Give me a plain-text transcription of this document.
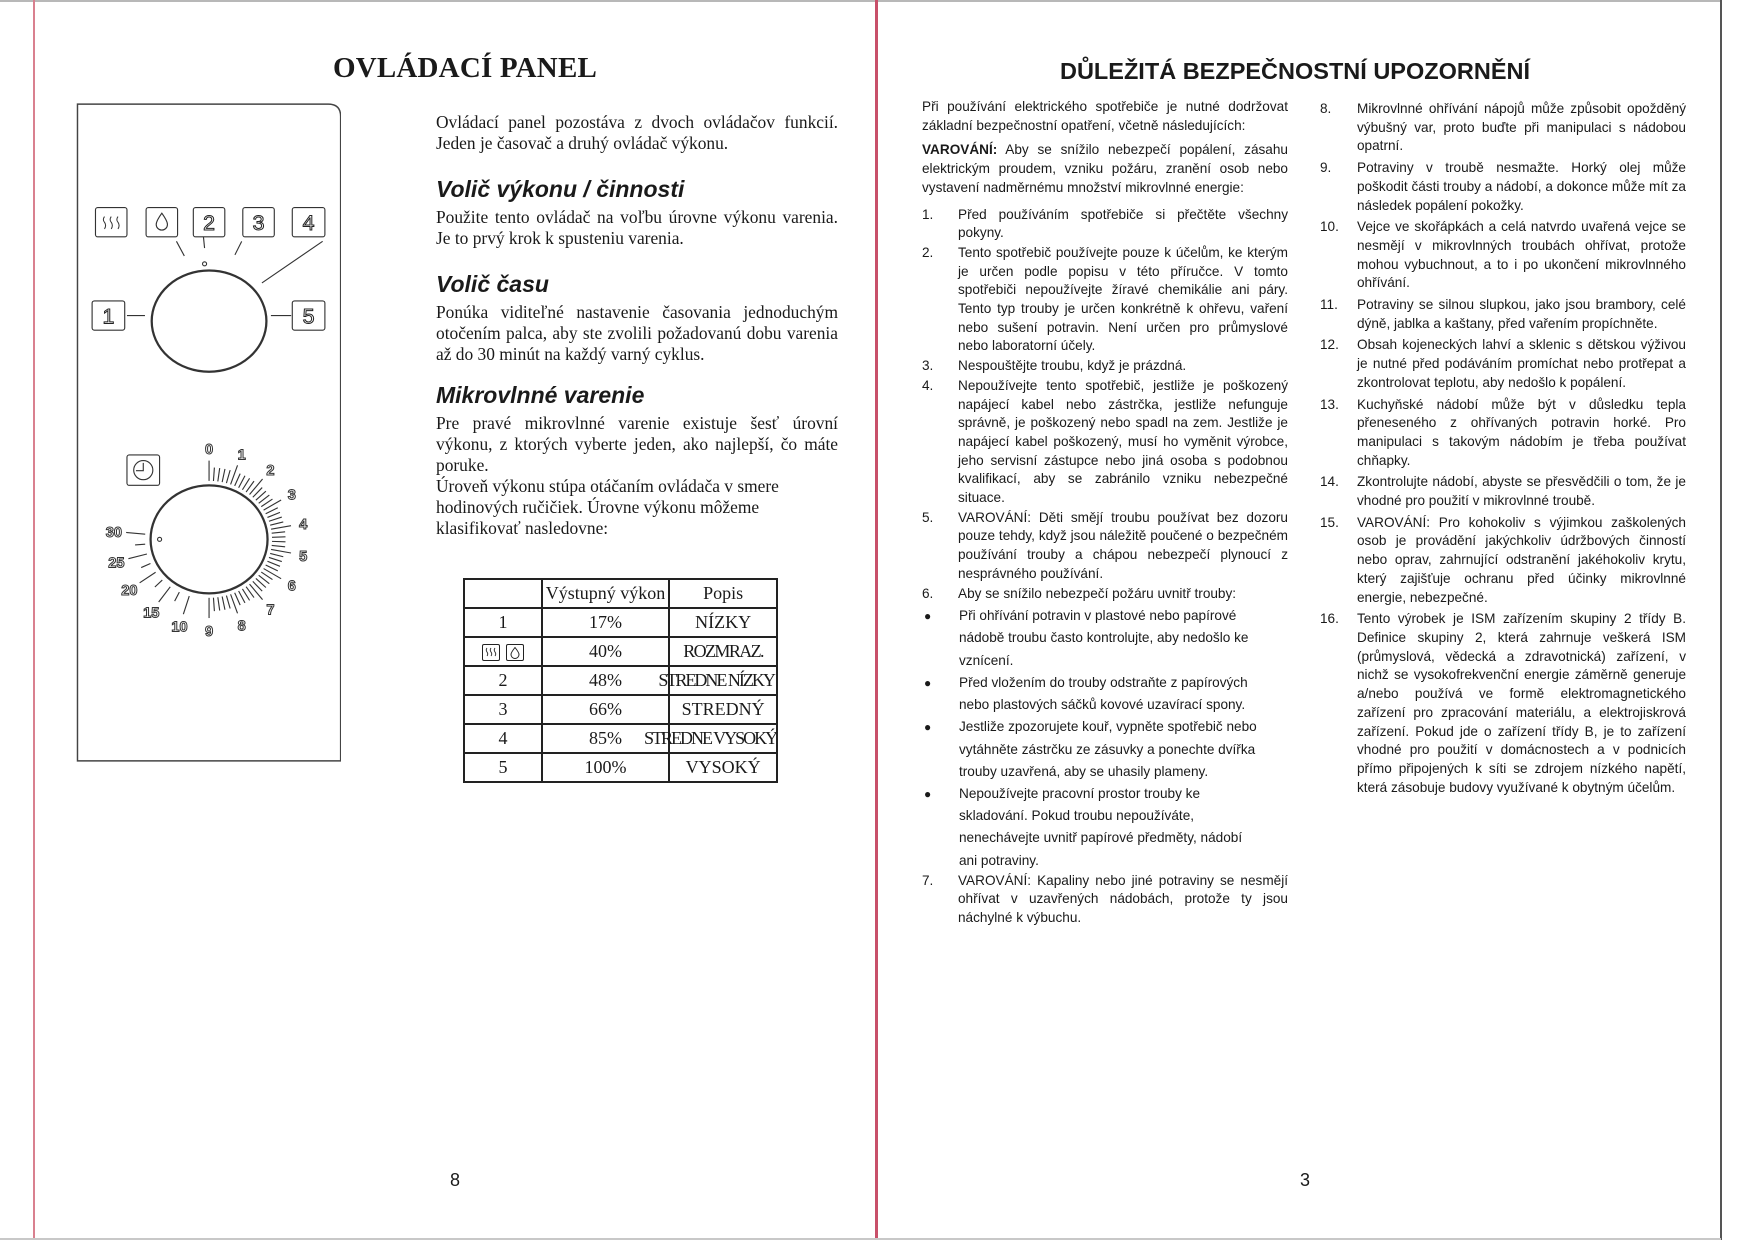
OVLÁDACÍ PANEL
1
2 3 4
5
0 1
2
3
4
5
6
7
8
9
10
15
20
25
30

Ovládací panel pozostáva z dvoch ovládačov funkcií. Jeden je časovač a druhý ovládač výkonu.

Volič výkonu / činnosti

Použite tento ovládač na voľbu úrovne výkonu varenia. Je to prvý krok k spusteniu varenia.

Volič času

Ponúka viditeľné nastavenie časovania jednoduchým otočením palca, aby ste zvolili požadovanú dobu varenia až do 30 minút na každý varný cyklus.

Mikrovlnné varenie

Pre pravé mikrovlnné varenie existuje šesť úrovní výkonu, z ktorých vyberte jeden, ako najlepší, čo máte poruke.

Úroveň výkonu stúpa otáčaním ovládača v smere hodinových ručičiek. Úrovne výkonu môžeme klasifikovať nasledovne:

	Výstupný výkon	Popis
1	17%	NÍZKY
	40%	ROZMRAZ.
2	48%	STREDNE NÍZKY
3	66%	STREDNÝ
4	85%	STREDNE VYSOKÝ
5	100%	VYSOKÝ
8
DŮLEŽITÁ BEZPEČNOSTNÍ UPOZORNĚNÍ

Při používání elektrického spotřebiče je nutné dodržovat základní bezpečnostní opatření, včetně následujících:

VAROVÁNÍ: Aby se snížilo nebezpečí popálení, zásahu elektrickým proudem, vzniku požáru, zranění osob nebo vystavení nadměrnému množství mikrovlnné energie:

1.	Před používáním spotřebiče si přečtěte všechny pokyny.
2.	Tento spotřebič používejte pouze k účelům, ke kterým je určen podle popisu v této příručce. V tomto spotřebiči nepoužívejte žíravé chemikálie ani páry. Tento typ trouby je určen konkrétně k ohřevu, vaření nebo sušení potravin. Není určen pro průmyslové nebo laboratorní účely.
3.	Nespouštějte troubu, když je prázdná.
4.	Nepoužívejte tento spotřebič, jestliže je poškozený napájecí kabel nebo zástrčka, jestliže nefunguje správně, je poškozený nebo spadl na zem. Jestliže je napájecí kabel poškozený, musí ho vyměnit výrobce, jeho servisní zástupce nebo jiná osoba s podobnou kvalifikací, aby se zabránilo vzniku nebezpečné situace.
5.	VAROVÁNÍ: Děti smějí troubu používat bez dozoru pouze tehdy, když jsou náležitě poučené o bezpečném používání trouby a chápou nebezpečí plynoucí z nesprávného používání.
6.	Aby se snížilo nebezpečí požáru uvnitř trouby:
●	Při ohřívání potravin v plastové nebo papírové nádobě troubu často kontrolujte, aby nedošlo ke vznícení.
●	Před vložením do trouby odstraňte z papírových nebo plastových sáčků kovové uzavírací spony.
●	Jestliže zpozorujete kouř, vypněte spotřebič nebo vytáhněte zástrčku ze zásuvky a ponechte dvířka trouby uzavřená, aby se uhasily plameny.
●	Nepoužívejte pracovní prostor trouby ke skladování. Pokud troubu nepoužíváte, nenechávejte uvnitř papírové předměty, nádobí ani potraviny.
7.	VAROVÁNÍ: Kapaliny nebo jiné potraviny se nesmějí ohřívat v uzavřených nádobách, protože ty jsou náchylné k výbuchu.
8.	Mikrovlnné ohřívání nápojů může způsobit opožděný výbušný var, proto buďte při manipulaci s nádobou opatrní.
9.	Potraviny v troubě nesmažte. Horký olej může poškodit části trouby a nádobí, a dokonce může mít za následek popálení pokožky.
10.	Vejce ve skořápkách a celá natvrdo uvařená vejce se nesmějí v mikrovlnných troubách ohřívat, protože mohou vybuchnout, a to i po ukončení mikrovlnného ohřívání.
11.	Potraviny se silnou slupkou, jako jsou brambory, celé dýně, jablka a kaštany, před vařením propíchněte.
12.	Obsah kojeneckých lahví a sklenic s dětskou výživou je nutné před podáváním promíchat nebo protřepat a zkontrolovat teplotu, aby nedošlo k popálení.
13.	Kuchyňské nádobí může být v důsledku tepla přeneseného z ohřívaných potravin horké. Pro manipulaci s takovým nádobím je třeba používat chňapky.
14.	Zkontrolujte nádobí, abyste se přesvědčili o tom, že je vhodné pro použití v mikrovlnné troubě.
15.	VAROVÁNÍ: Pro kohokoliv s výjimkou zaškolených osob je provádění jakýchkoliv údržbových činností nebo oprav, zahrnující odstranění jakéhokoliv krytu, který zajišťuje ochranu před účinky mikrovlnné energie, nebezpečné.
16.	Tento výrobek je ISM zařízením skupiny 2 třídy B. Definice skupiny 2, která zahrnuje veškerá ISM (průmyslová, vědecká a zdravotnická) zařízení, v nichž se vysokofrekvenční energie záměrně generuje a/nebo používá ve formě elektromagnetického zařízení pro zpracování materiálu, a elektrojiskrová zařízení. Pokud jde o zařízení třídy B, je to zařízení vhodné pro použití v domácnostech a v podnicích přímo připojených k síti se zdrojem nízkého napětí, která zásobuje budovy využívané k obytným účelům.
3
